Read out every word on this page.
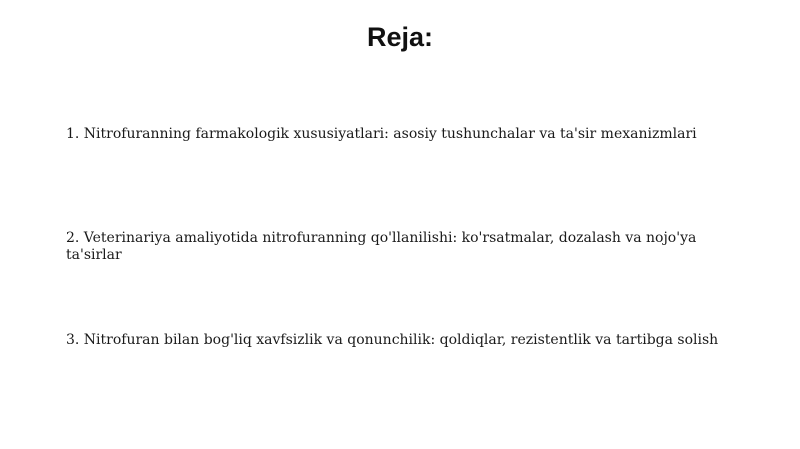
Reja:
1. Nitrofuranning farmakologik xususiyatlari: asosiy tushunchalar va ta'sir mexanizmlari
2. Veterinariya amaliyotida nitrofuranning qo'llanilishi: ko'rsatmalar, dozalash va nojo'ya ta'sirlar
3. Nitrofuran bilan bog'liq xavfsizlik va qonunchilik: qoldiqlar, rezistentlik va tartibga solish
